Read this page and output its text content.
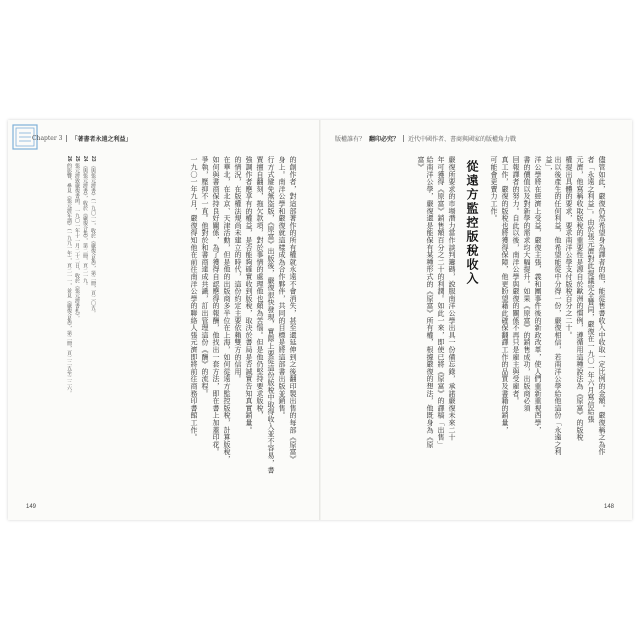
Chapter 3 「著書者永遠之利益」
23 《與張元濟書》（一九〇一），收於《嚴復合集》，第二冊，頁二〇五。
24 《與張元濟書》，收於《嚴復合集》，第二冊，頁二一九。
25 張元濟致嚴復書函，一九〇一年十一月二十二日，收於《張元濟書札》。
26 的影響，參見《張元濟年譜》（一九九一年），頁二一一，並見《嚴復合集》，第二冊，頁二二五至二二六。	的創作者，對這部著作的所有權就永遠不會消失，甚至還延伸到之後翻印製出售的每部《原富》
身上。南洋公學和嚴復就這樣成為合作夥伴，共同的目標是將這部書出版並銷售。
行方式避免無盜版，《原富》出版後，嚴復很快發現，實際上要從這份版稅中取得收入並不容易，書
賈擅自翻刻，拖欠款項，對於事情的處理他也頗為苦惱。但是他仍堅持要求版稅，
強調作者應享有的權益，是否能夠確實收到版稅，取決於書局是否誠實告知真實銷量。
的情況，在版權法規尚未建立的時代，這份約定主要依賴雙方的信用。
在華北，在北京、天津活動，但是他的出版商多半位在上海，如何從遠方監控版稅，計算版稅，
如何與書商保持良好關係，為了獲得自認應得的報酬，他找出一套方法，即在書上加蓋印花。
爭執，壓抑不一直。他對於和書商達成共識，訂出管理這份《酬》的流程。
一九〇一年九月，嚴復得知他在前往南洋公學的聯絡人張元濟即將前往商務印書館工作。
149
版權誰有？ 翻印必究？ 近代中國作者、書商與國家的版權角力戰
儘管如此，嚴復仍然希望身為譯者的他，能從售書收入中收取一定比例的金額。嚴復稱之為作
者「永遠之利益」。由於張元濟對此提議完全贊同，嚴復在一九〇一年六月寫信給張
元濟，他寫稱收取版稅的重要性是源自於歐洲的慣例，遵循用這種說法為《原富》的版稅
權提出具體的要求，要求南洋公學支付版稅百分之二十。
出以後產生的任何利益，他希望能從中分得一份，嚴復相信，若南洋公學給他這份「永遠之利益」，
洋公學將在經濟上受益，嚴復主張，義和團事件後的新政改革，使人們重新重視西學，
書的價值以及對新學的需求均大幅提升。如果《原富》的銷售成功，出版商必須
回報譯者的努力。自此以後，南洋公學與嚴復的關係不再只是雇主與受雇者。
真工作，嚴復的版稅也將獲得保障，他更盼望藉此確保翻譯工作的品質及書籍的銷量，
可能會更賣力工作。
從遠方監控版稅收入
嚴復所要求的市場潛力當作談判籌碼，說服南洋公學出具一份備忘錄，承諾嚴復未來二十
年可獲得《原富》銷售額百分之二十的利潤。如此一來，即使已將《原富》的譯稿「出售」
給南洋公學，嚴復還是能保有某種形式的《原富》所有權，根據嚴復的想法，他既身為《原富》
148
